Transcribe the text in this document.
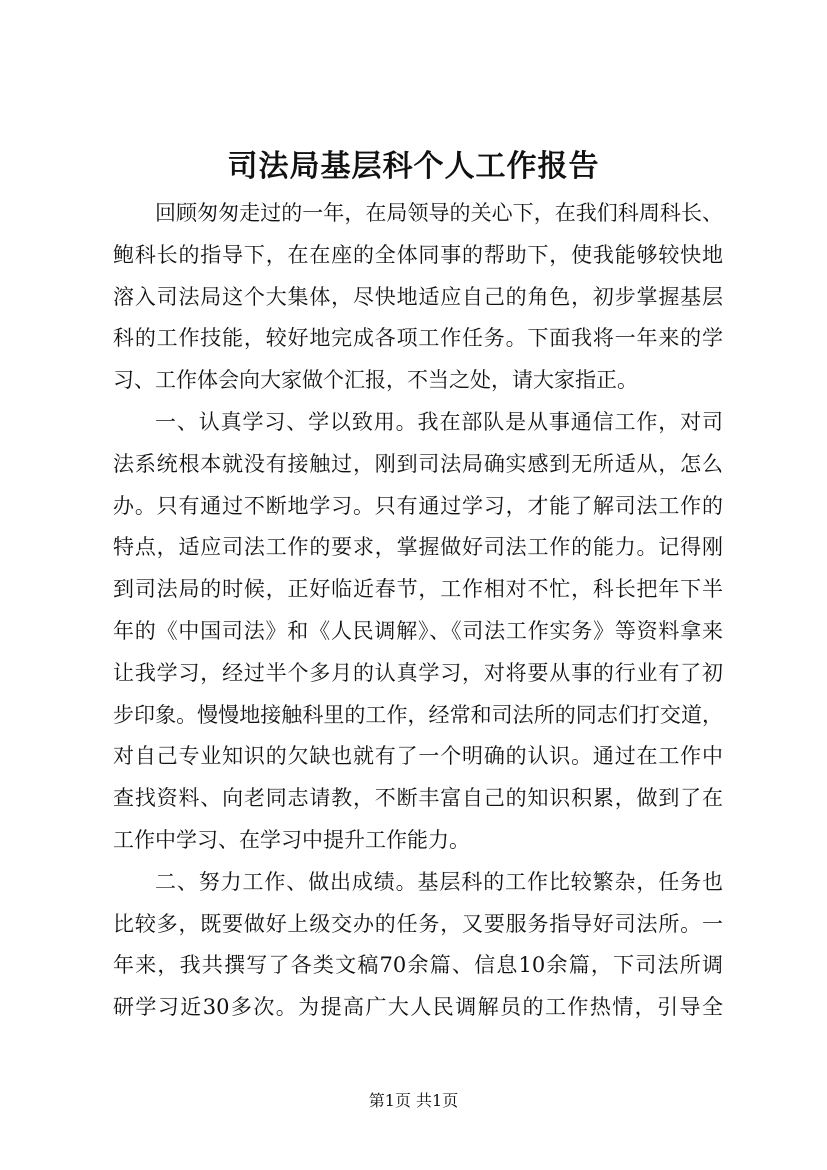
司法局基层科个人工作报告
回顾匆匆走过的一年，在局领导的关心下，在我们科周科长、
鲍科长的指导下，在在座的全体同事的帮助下，使我能够较快地
溶入司法局这个大集体，尽快地适应自己的角色，初步掌握基层
科的工作技能，较好地完成各项工作任务。下面我将一年来的学
习、工作体会向大家做个汇报，不当之处，请大家指正。
一、认真学习、学以致用。我在部队是从事通信工作，对司
法系统根本就没有接触过，刚到司法局确实感到无所适从，怎么
办。只有通过不断地学习。只有通过学习，才能了解司法工作的
特点，适应司法工作的要求，掌握做好司法工作的能力。记得刚
到司法局的时候，正好临近春节，工作相对不忙，科长把年下半
年的《中国司法》和《人民调解》、《司法工作实务》等资料拿来
让我学习，经过半个多月的认真学习，对将要从事的行业有了初
步印象。慢慢地接触科里的工作，经常和司法所的同志们打交道，
对自己专业知识的欠缺也就有了一个明确的认识。通过在工作中
查找资料、向老同志请教，不断丰富自己的知识积累，做到了在
工作中学习、在学习中提升工作能力。
二、努力工作、做出成绩。基层科的工作比较繁杂，任务也
比较多，既要做好上级交办的任务，又要服务指导好司法所。一
年来，我共撰写了各类文稿70余篇、信息10余篇，下司法所调
研学习近30多次。为提高广大人民调解员的工作热情，引导全
第1页 共1页
